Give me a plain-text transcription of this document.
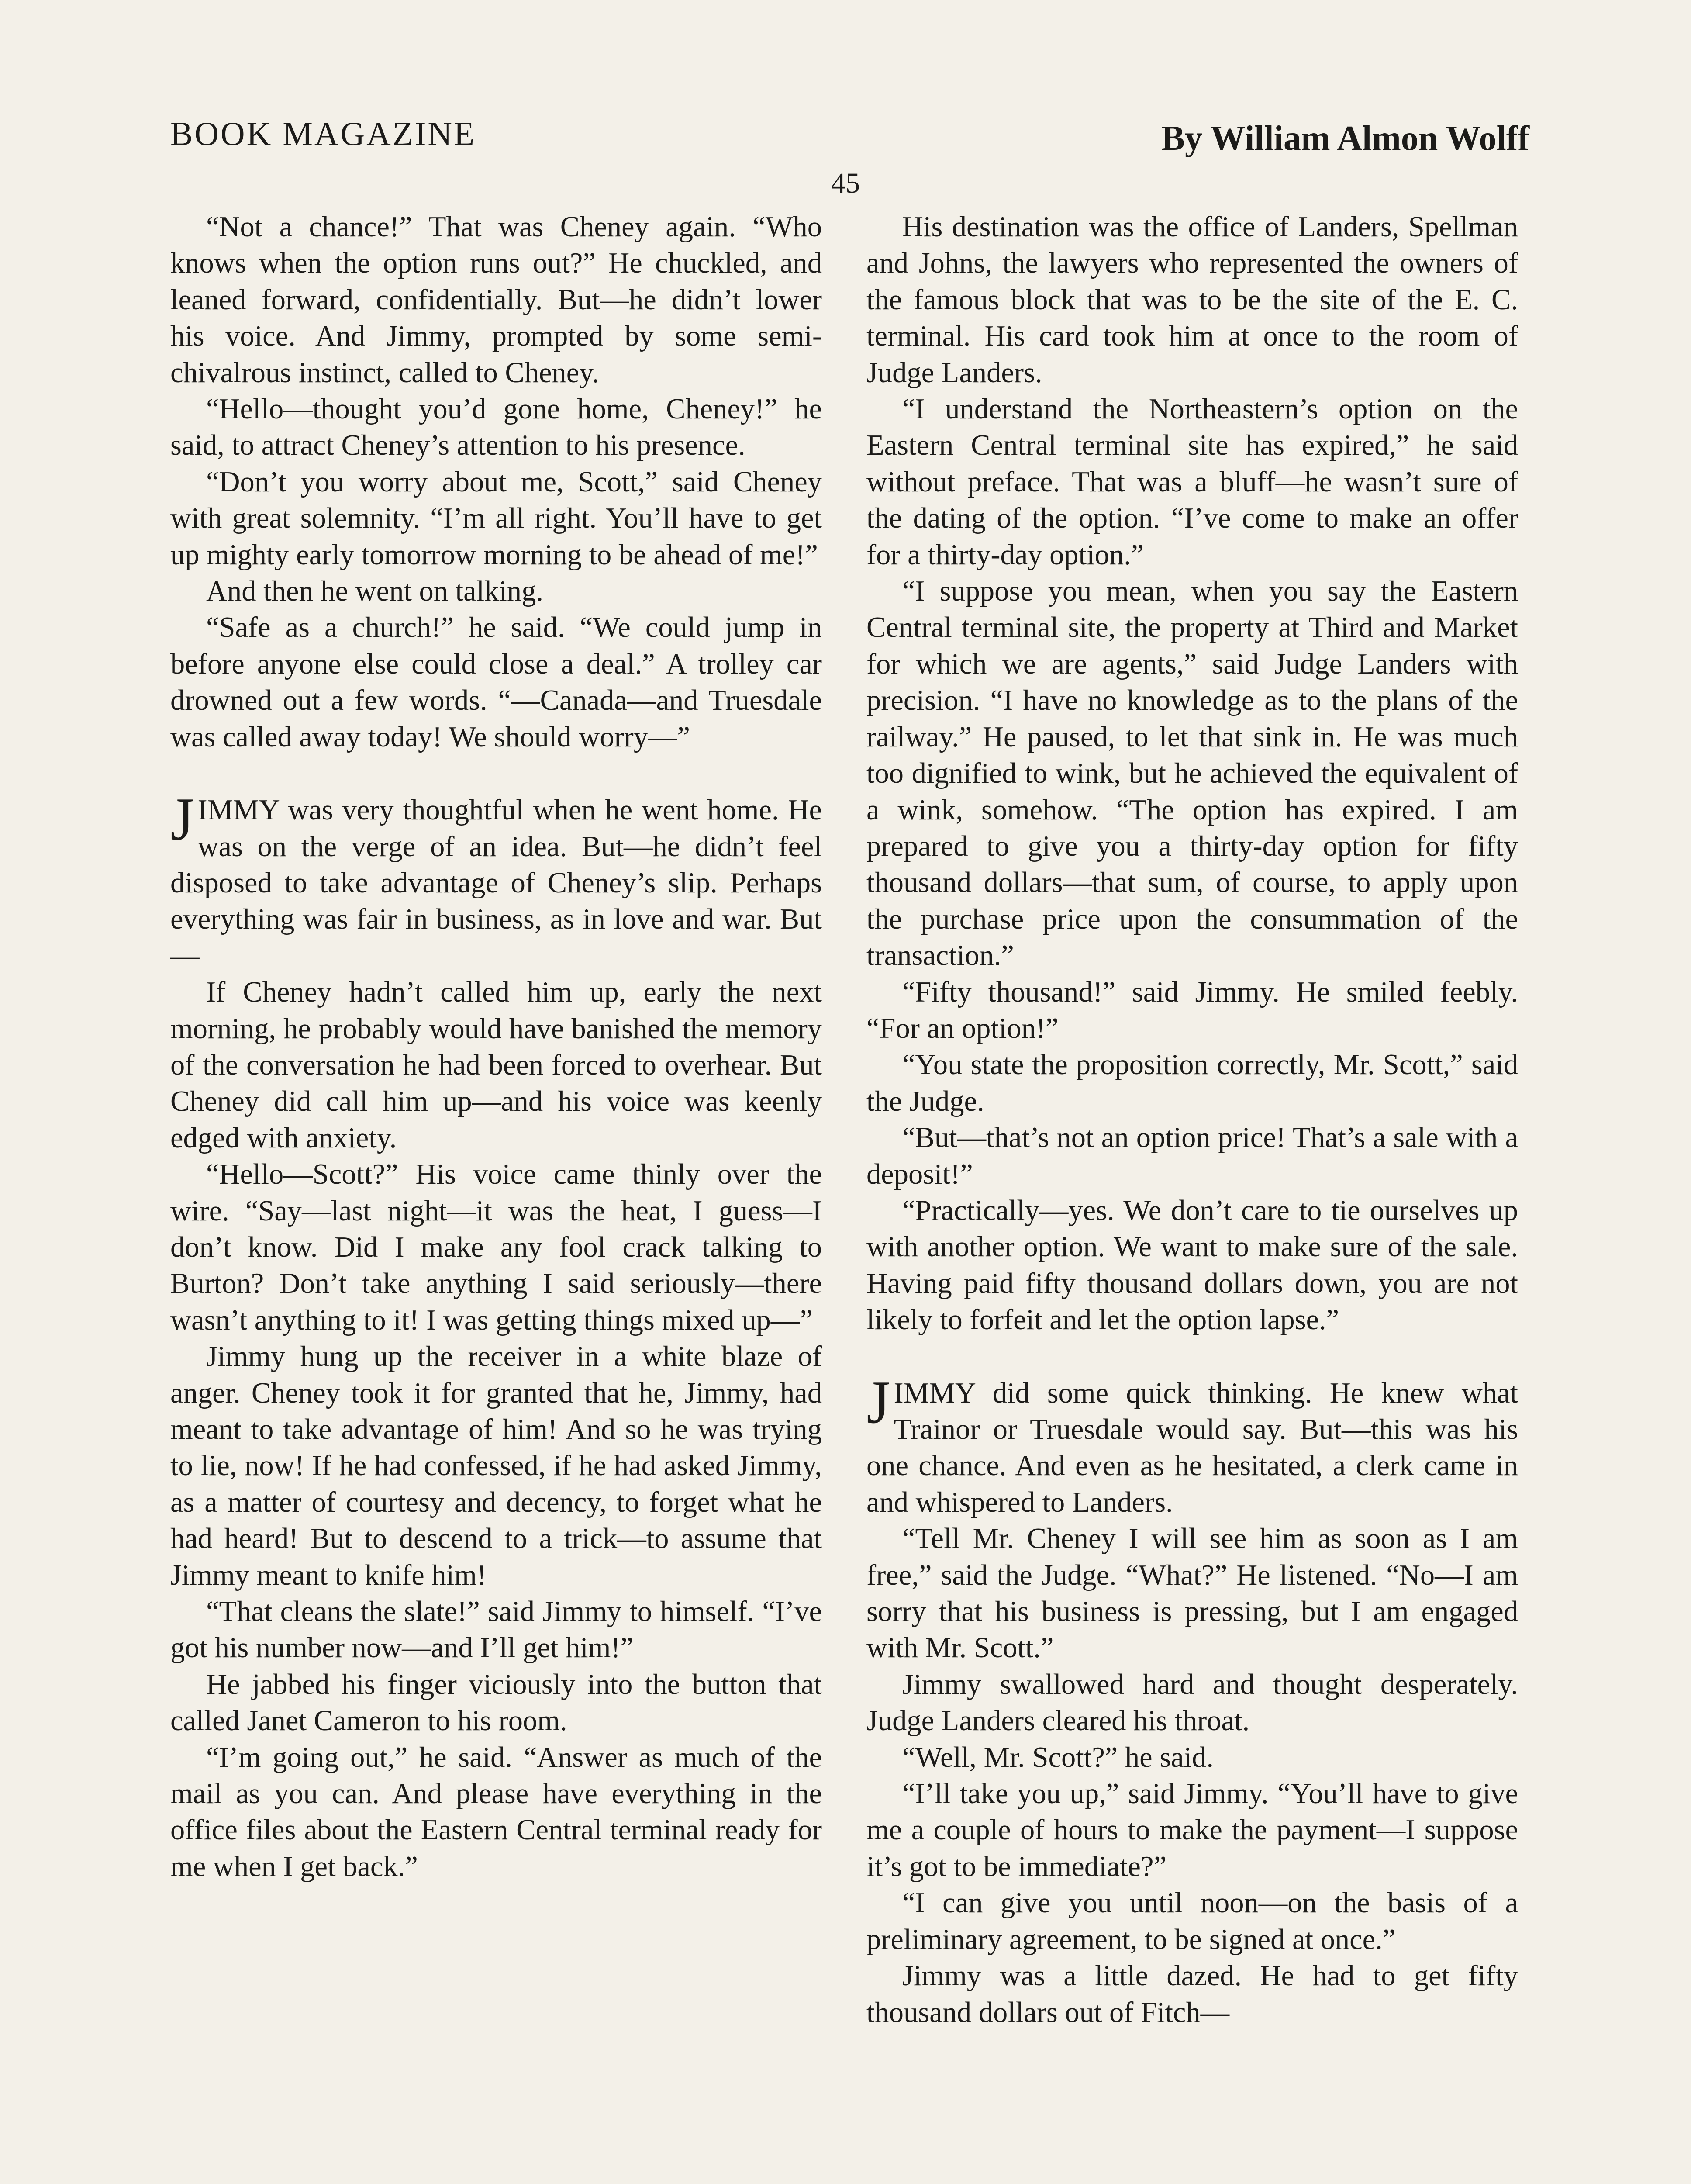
BOOK MAGAZINE	By William Almon Wolff
45

“Not a chance!” That was Cheney again. “Who knows when the option runs out?” He chuckled, and leaned forward, confidentially. But—he didn’t lower his voice. And Jimmy, prompted by some semi-chivalrous instinct, called to Cheney.

“Hello—thought you’d gone home, Cheney!” he said, to attract Cheney’s attention to his presence.

“Don’t you worry about me, Scott,” said Cheney with great solemnity. “I’m all right. You’ll have to get up mighty early tomorrow morning to be ahead of me!”

And then he went on talking.

“Safe as a church!” he said. “We could jump in before anyone else could close a deal.” A trolley car drowned out a few words. “—Canada—and Truesdale was called away today! We should worry—”

JIMMY was very thoughtful when he went home. He was on the verge of an idea. But—he didn’t feel disposed to take advantage of Cheney’s slip. Perhaps everything was fair in business, as in love and war. But—

If Cheney hadn’t called him up, early the next morning, he probably would have banished the memory of the conversation he had been forced to overhear. But Cheney did call him up—and his voice was keenly edged with anxiety.

“Hello—Scott?” His voice came thinly over the wire. “Say—last night—it was the heat, I guess—I don’t know. Did I make any fool crack talking to Burton? Don’t take anything I said seriously—there wasn’t anything to it! I was getting things mixed up—”

Jimmy hung up the receiver in a white blaze of anger. Cheney took it for granted that he, Jimmy, had meant to take advantage of him! And so he was trying to lie, now! If he had confessed, if he had asked Jimmy, as a matter of courtesy and decency, to forget what he had heard! But to descend to a trick—to assume that Jimmy meant to knife him!

“That cleans the slate!” said Jimmy to himself. “I’ve got his number now—and I’ll get him!”

He jabbed his finger viciously into the button that called Janet Cameron to his room.

“I’m going out,” he said. “Answer as much of the mail as you can. And please have everything in the office files about the Eastern Central terminal ready for me when I get back.”

His destination was the office of Landers, Spellman and Johns, the lawyers who represented the owners of the famous block that was to be the site of the E. C. terminal. His card took him at once to the room of Judge Landers.

“I understand the Northeastern’s option on the Eastern Central terminal site has expired,” he said without preface. That was a bluff—he wasn’t sure of the dating of the option. “I’ve come to make an offer for a thirty-day option.”

“I suppose you mean, when you say the Eastern Central terminal site, the property at Third and Market for which we are agents,” said Judge Landers with precision. “I have no knowledge as to the plans of the railway.” He paused, to let that sink in. He was much too dignified to wink, but he achieved the equivalent of a wink, somehow. “The option has expired. I am prepared to give you a thirty-day option for fifty thousand dollars—that sum, of course, to apply upon the purchase price upon the consummation of the transaction.”

“Fifty thousand!” said Jimmy. He smiled feebly. “For an option!”

“You state the proposition correctly, Mr. Scott,” said the Judge.

“But—that’s not an option price! That’s a sale with a deposit!”

“Practically—yes. We don’t care to tie ourselves up with another option. We want to make sure of the sale. Having paid fifty thousand dollars down, you are not likely to forfeit and let the option lapse.”

JIMMY did some quick thinking. He knew what Trainor or Truesdale would say. But—this was his one chance. And even as he hesitated, a clerk came in and whispered to Landers.

“Tell Mr. Cheney I will see him as soon as I am free,” said the Judge. “What?” He listened. “No—I am sorry that his business is pressing, but I am engaged with Mr. Scott.”

Jimmy swallowed hard and thought desperately. Judge Landers cleared his throat.

“Well, Mr. Scott?” he said.

“I’ll take you up,” said Jimmy. “You’ll have to give me a couple of hours to make the payment—I suppose it’s got to be immediate?”

“I can give you until noon—on the basis of a preliminary agreement, to be signed at once.”

Jimmy was a little dazed. He had to get fifty thousand dollars out of Fitch—
